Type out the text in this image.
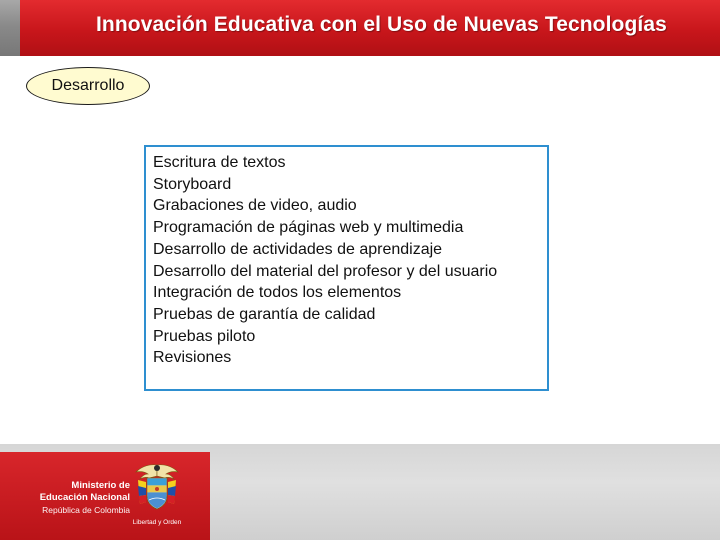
Innovación Educativa con el Uso de Nuevas Tecnologías
Desarrollo
Escritura de textos
Storyboard
Grabaciones de video, audio
Programación de páginas web y multimedia
Desarrollo de actividades de aprendizaje
Desarrollo del material del profesor y del usuario
Integración de todos los elementos
Pruebas de garantía de calidad
Pruebas piloto
Revisiones
Ministerio de
Educación Nacional
República de Colombia
Libertad y Orden
